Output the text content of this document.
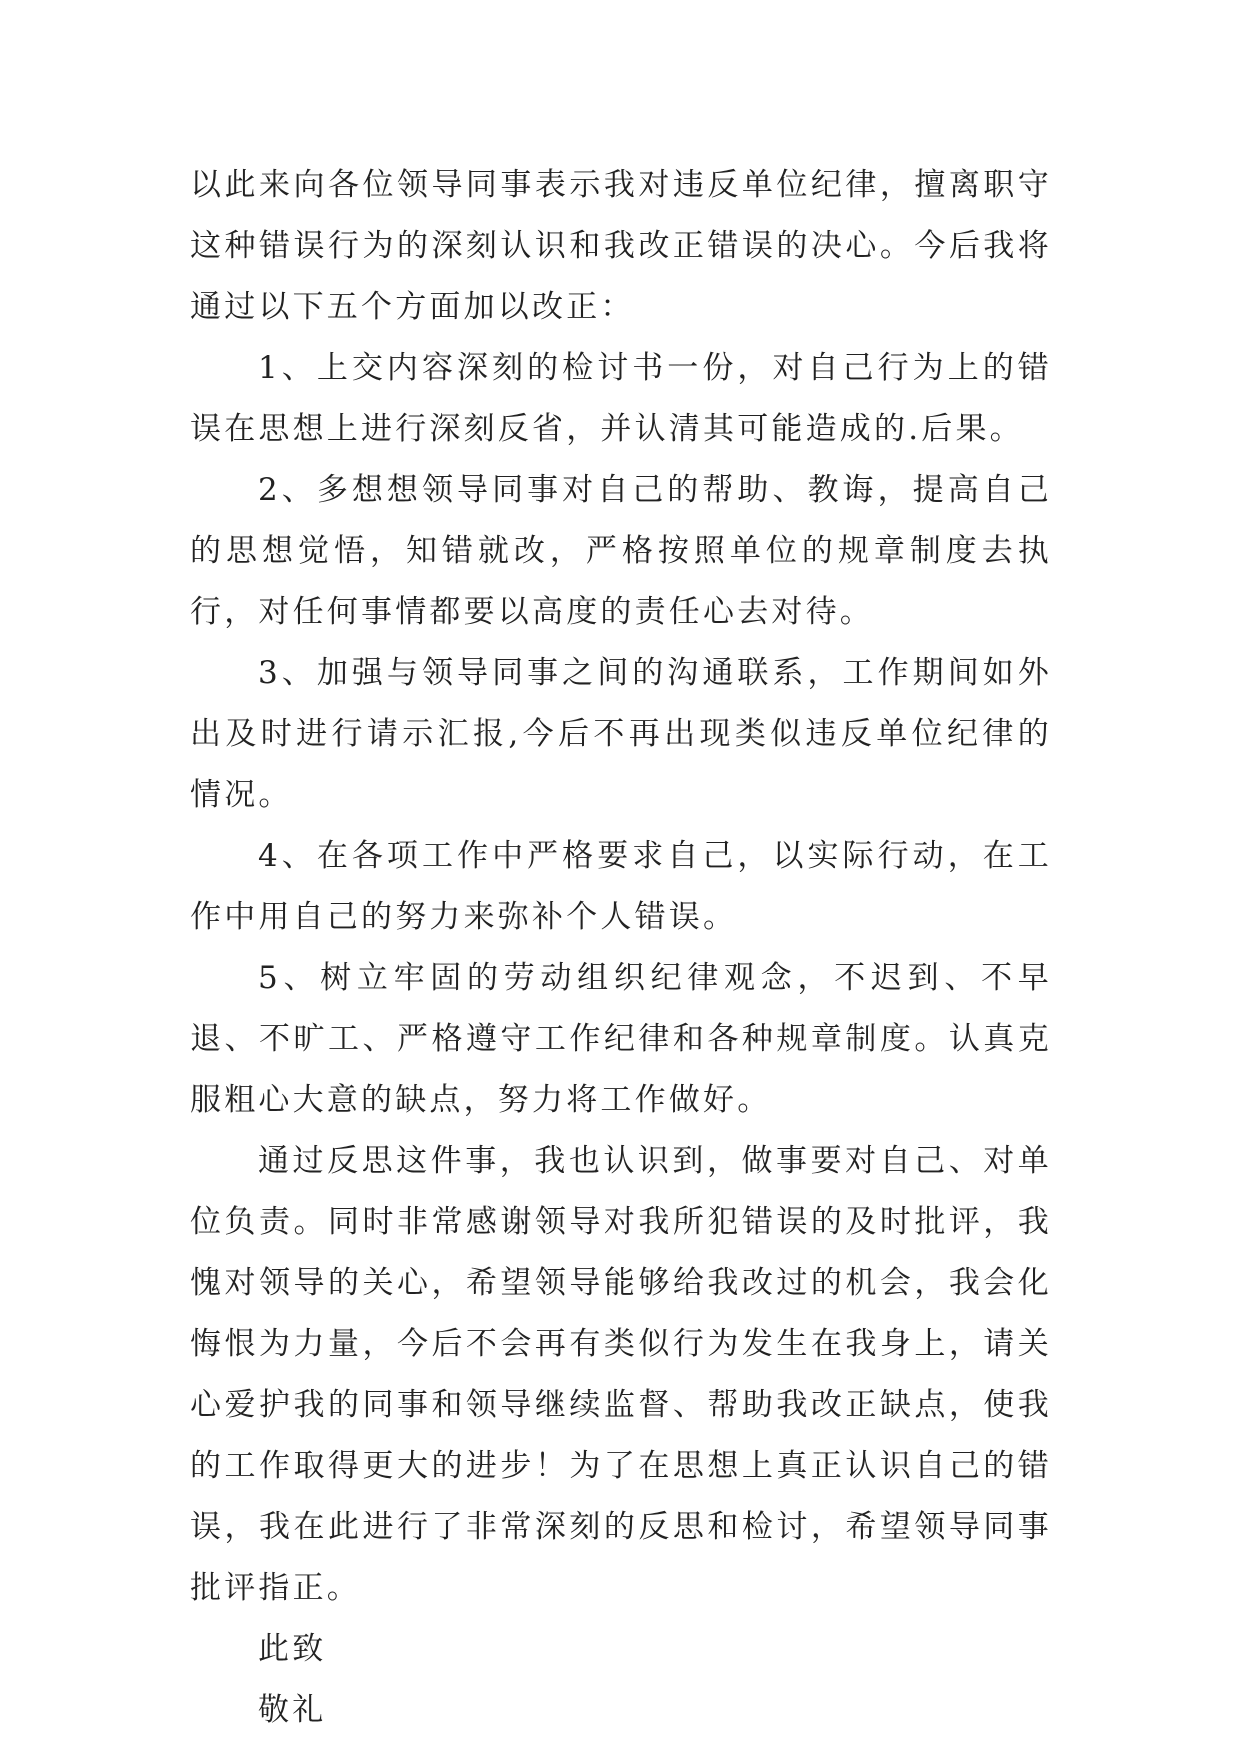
以此来向各位领导同事表示我对违反单位纪律，擅离职守这种错误行为的深刻认识和我改正错误的决心。今后我将通过以下五个方面加以改正：

1、上交内容深刻的检讨书一份，对自己行为上的错误在思想上进行深刻反省，并认清其可能造成的.后果。

2、多想想领导同事对自己的帮助、教诲，提高自己的思想觉悟，知错就改，严格按照单位的规章制度去执行，对任何事情都要以高度的责任心去对待。

3、加强与领导同事之间的沟通联系，工作期间如外出及时进行请示汇报,今后不再出现类似违反单位纪律的情况。

4、在各项工作中严格要求自己，以实际行动，在工作中用自己的努力来弥补个人错误。

5、树立牢固的劳动组织纪律观念，不迟到、不早退、不旷工、严格遵守工作纪律和各种规章制度。认真克服粗心大意的缺点，努力将工作做好。

通过反思这件事，我也认识到，做事要对自己、对单位负责。同时非常感谢领导对我所犯错误的及时批评，我愧对领导的关心，希望领导能够给我改过的机会，我会化悔恨为力量，今后不会再有类似行为发生在我身上，请关心爱护我的同事和领导继续监督、帮助我改正缺点，使我的工作取得更大的进步！为了在思想上真正认识自己的错误，我在此进行了非常深刻的反思和检讨，希望领导同事批评指正。

此致

敬礼
